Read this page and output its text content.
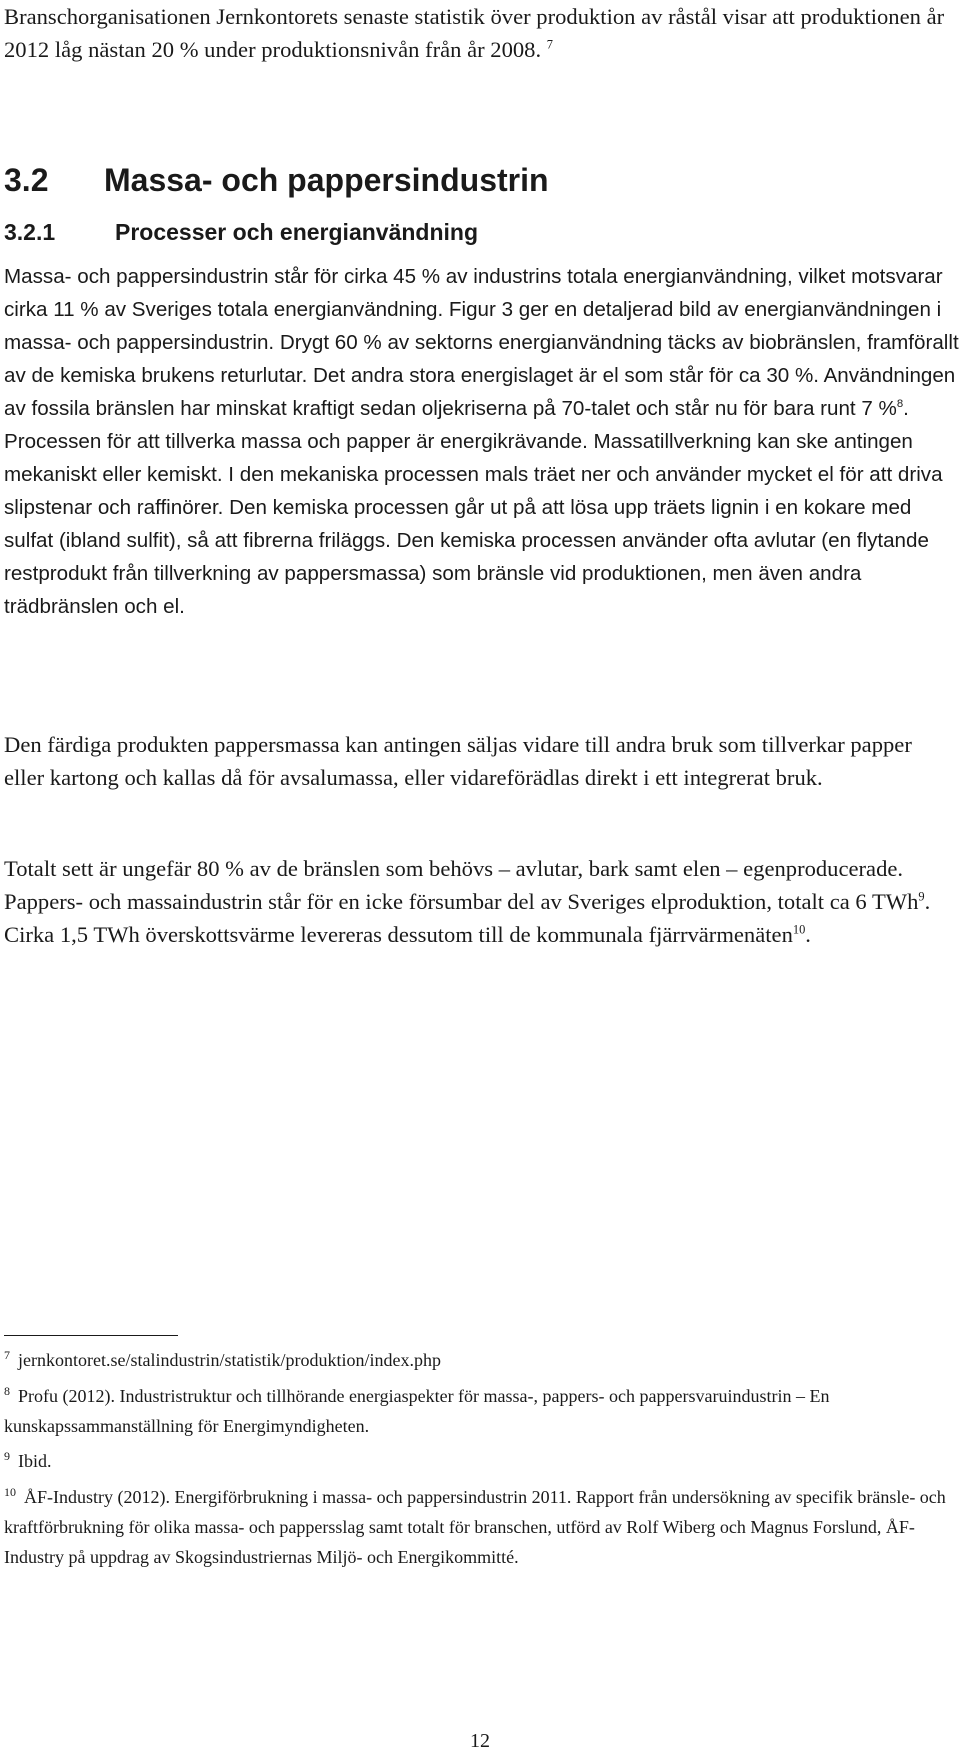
Branschorganisationen Jernkontorets senaste statistik över produktion av råstål visar att produktionen år 2012 låg nästan 20 % under produktionsnivån från år 2008. $^7$

3.2 Massa- och pappersindustrin
3.2.1	Processer och energianvändning

Massa- och pappersindustrin står för cirka 45 % av industrins totala energianvändning, vilket motsvarar cirka 11 % av Sveriges totala energianvändning. Figur 3 ger en detaljerad bild av energianvändningen i massa- och pappersindustrin. Drygt 60 % av sektorns energianvändning täcks av biobränslen, framförallt av de kemiska brukens returlutar. Det andra stora energislaget är el som står för ca 30 %. Användningen av fossila bränslen har minskat kraftigt sedan oljekriserna på 70-talet och står nu för bara runt 7 %$^8$. Processen för att tillverka massa och papper är energikrävande. Massatillverkning kan ske antingen mekaniskt eller kemiskt. I den mekaniska processen mals träet ner och använder mycket el för att driva slipstenar och raffinörer. Den kemiska processen går ut på att lösa upp träets lignin i en kokare med sulfat (ibland sulfit), så att fibrerna friläggs. Den kemiska processen använder ofta avlutar (en flytande restprodukt från tillverkning av pappersmassa) som bränsle vid produktionen, men även andra trädbränslen och el.

Den färdiga produkten pappersmassa kan antingen säljas vidare till andra bruk som tillverkar papper eller kartong och kallas då för avsalumassa, eller vidareförädlas direkt i ett integrerat bruk.

Totalt sett är ungefär 80 % av de bränslen som behövs – avlutar, bark samt elen – egenproducerade. Pappers- och massaindustrin står för en icke försumbar del av Sveriges elproduktion, totalt ca 6 TWh$^9$. Cirka 1,5 TWh överskottsvärme levereras dessutom till de kommunala fjärrvärmenäten$^{10}$.

$^7$ jernkontoret.se/stalindustrin/statistik/produktion/index.php

$^8$ Profu (2012). Industristruktur och tillhörande energiaspekter för massa-, pappers- och pappersvaruindustrin – En kunskapssammanställning för Energimyndigheten.

$^9$ Ibid.

$^{10}$ ÅF-Industry (2012). Energiförbrukning i massa- och pappersindustrin 2011. Rapport från undersökning av specifik bränsle- och kraftförbrukning för olika massa- och pappersslag samt totalt för branschen, utförd av Rolf Wiberg och Magnus Forslund, ÅF-Industry på uppdrag av Skogsindustriernas Miljö- och Energikommitté.

12
